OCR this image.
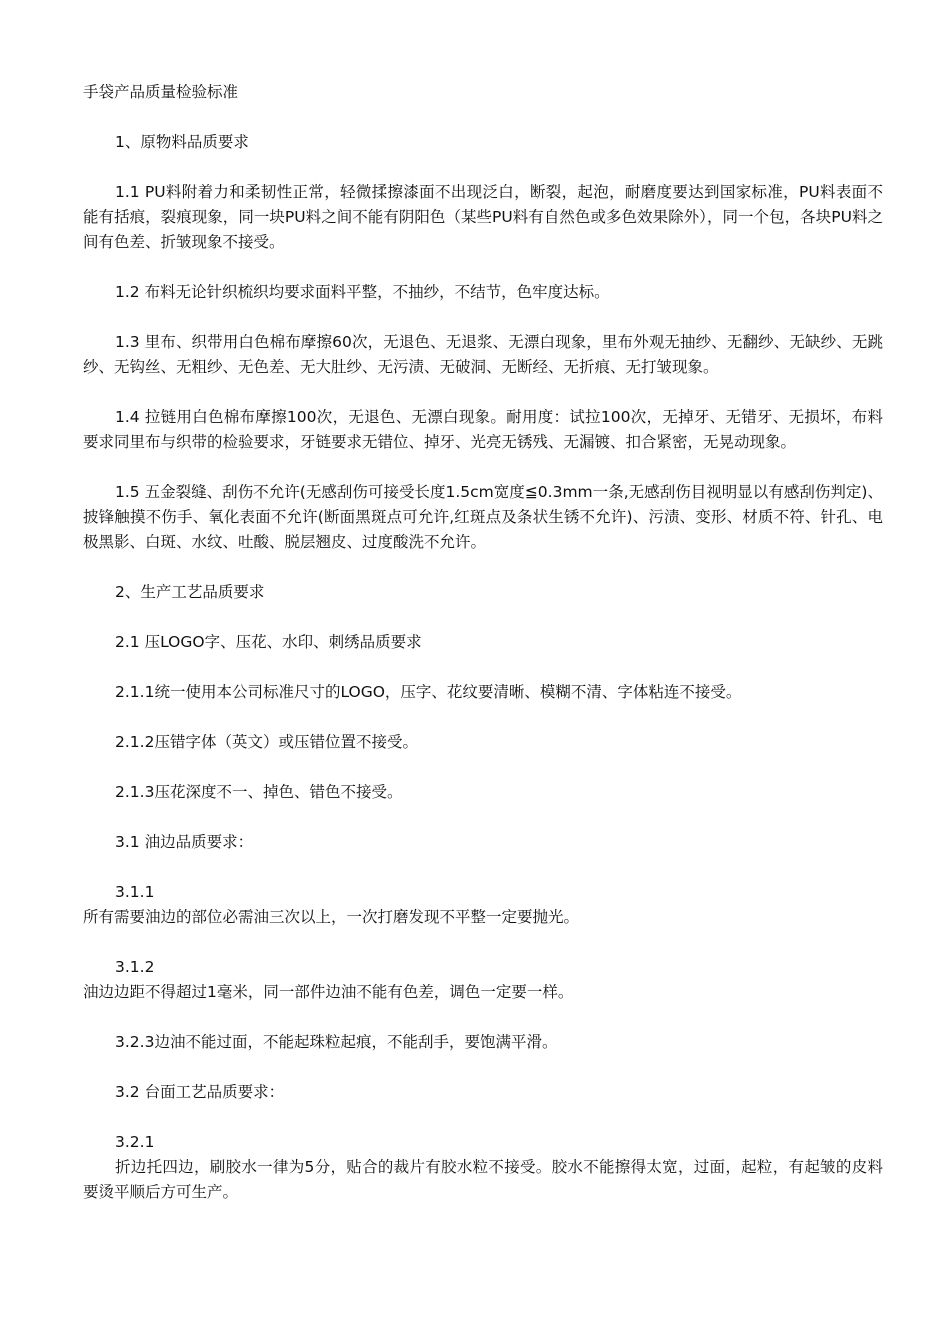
手袋产品质量检验标准

1、原物料品质要求

1.1 PU料附着力和柔韧性正常，轻微揉擦漆面不出现泛白，断裂，起泡，耐磨度要达到国家标准，PU料表面不能有括痕，裂痕现象，同一块PU料之间不能有阴阳色（某些PU料有自然色或多色效果除外），同一个包，各块PU料之间有色差、折皱现象不接受。

1.2 布料无论针织梳织均要求面料平整，不抽纱，不结节，色牢度达标。

1.3 里布、织带用白色棉布摩擦60次，无退色、无退浆、无漂白现象，里布外观无抽纱、无翻纱、无缺纱、无跳纱、无钩丝、无粗纱、无色差、无大肚纱、无污渍、无破洞、无断经、无折痕、无打皱现象。

1.4 拉链用白色棉布摩擦100次，无退色、无漂白现象。耐用度：试拉100次，无掉牙、无错牙、无损坏，布料要求同里布与织带的检验要求，牙链要求无错位、掉牙、光亮无锈残、无漏镀、扣合紧密，无晃动现象。

1.5 五金裂缝、刮伤不允许(无感刮伤可接受长度1.5cm宽度≦0.3mm一条,无感刮伤目视明显以有感刮伤判定)、披锋触摸不伤手、氧化表面不允许(断面黑斑点可允许,红斑点及条状生锈不允许)、污渍、变形、材质不符、针孔、电极黑影、白斑、水纹、吐酸、脱层翘皮、过度酸洗不允许。

2、生产工艺品质要求

2.1 压LOGO字、压花、水印、刺绣品质要求

2.1.1统一使用本公司标准尺寸的LOGO，压字、花纹要清晰、模糊不清、字体粘连不接受。

2.1.2压错字体（英文）或压错位置不接受。

2.1.3压花深度不一、掉色、错色不接受。

3.1 油边品质要求：

3.1.1
所有需要油边的部位必需油三次以上，一次打磨发现不平整一定要抛光。
3.1.2
油边边距不得超过1毫米，同一部件边油不能有色差，调色一定要一样。

3.2.3边油不能过面，不能起珠粒起痕，不能刮手，要饱满平滑。

3.2 台面工艺品质要求：

3.2.1

折边托四边，刷胶水一律为5分，贴合的裁片有胶水粒不接受。胶水不能擦得太宽，过面，起粒，有起皱的皮料要烫平顺后方可生产。
